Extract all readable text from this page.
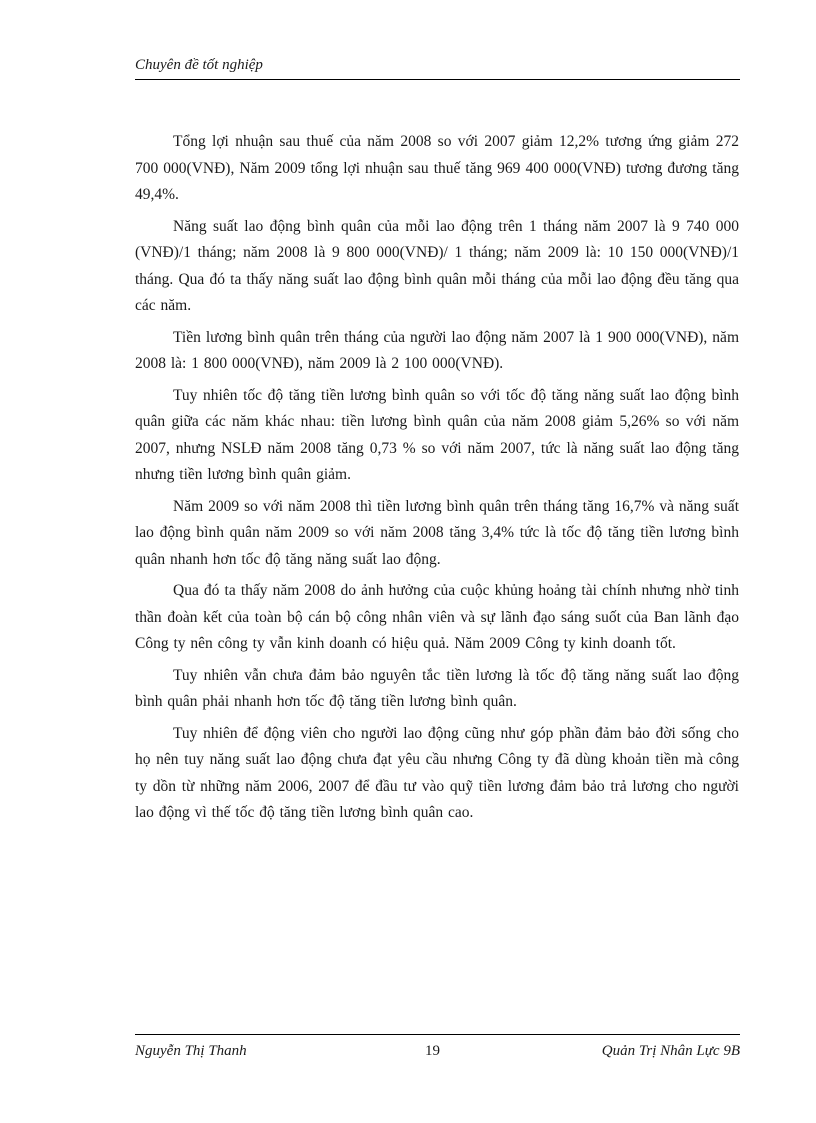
Chuyên đề tốt nghiệp

Tổng lợi nhuận sau thuế của năm 2008 so với 2007 giảm 12,2% tương ứng giảm 272 700 000(VNĐ), Năm 2009 tổng lợi nhuận sau thuế tăng 969 400 000(VNĐ) tương đương tăng 49,4%.

Năng suất lao động bình quân của mỗi lao động trên 1 tháng năm 2007 là 9 740 000 (VNĐ)/1 tháng; năm 2008 là 9 800 000(VNĐ)/ 1 tháng; năm 2009 là: 10 150 000(VNĐ)/1 tháng. Qua đó ta thấy năng suất lao động bình quân mỗi tháng của mỗi lao động đều tăng qua các năm.

Tiền lương bình quân trên tháng của người lao động năm 2007 là 1 900 000(VNĐ), năm 2008 là: 1 800 000(VNĐ), năm 2009 là 2 100 000(VNĐ).

Tuy nhiên tốc độ tăng tiền lương bình quân so với tốc độ tăng năng suất lao động bình quân giữa các năm khác nhau: tiền lương bình quân của năm 2008 giảm 5,26% so với năm 2007, nhưng NSLĐ năm 2008 tăng 0,73 % so với năm 2007, tức là năng suất lao động tăng nhưng tiền lương bình quân giảm.

Năm 2009 so với năm 2008 thì tiền lương bình quân trên tháng tăng 16,7% và năng suất lao động bình quân năm 2009 so với năm 2008 tăng 3,4% tức là tốc độ tăng tiền lương bình quân nhanh hơn tốc độ tăng năng suất lao động.

Qua đó ta thấy năm 2008 do ảnh hưởng của cuộc khủng hoảng tài chính nhưng nhờ tinh thần đoàn kết của toàn bộ cán bộ công nhân viên và sự lãnh đạo sáng suốt của Ban lãnh đạo Công ty nên công ty vẫn kinh doanh có hiệu quả. Năm 2009 Công ty kinh doanh tốt.

Tuy nhiên vẫn chưa đảm bảo nguyên tắc tiền lương là tốc độ tăng năng suất lao động bình quân phải nhanh hơn tốc độ tăng tiền lương bình quân.

Tuy nhiên để động viên cho người lao động cũng như góp phần đảm bảo đời sống cho họ nên tuy năng suất lao động chưa đạt yêu cầu nhưng Công ty đã dùng khoản tiền mà công ty dồn từ những năm 2006, 2007 để đầu tư vào quỹ tiền lương đảm bảo trả lương cho người lao động vì thế tốc độ tăng tiền lương bình quân cao.

Nguyễn Thị Thanh	19	Quản Trị Nhân Lực 9B
